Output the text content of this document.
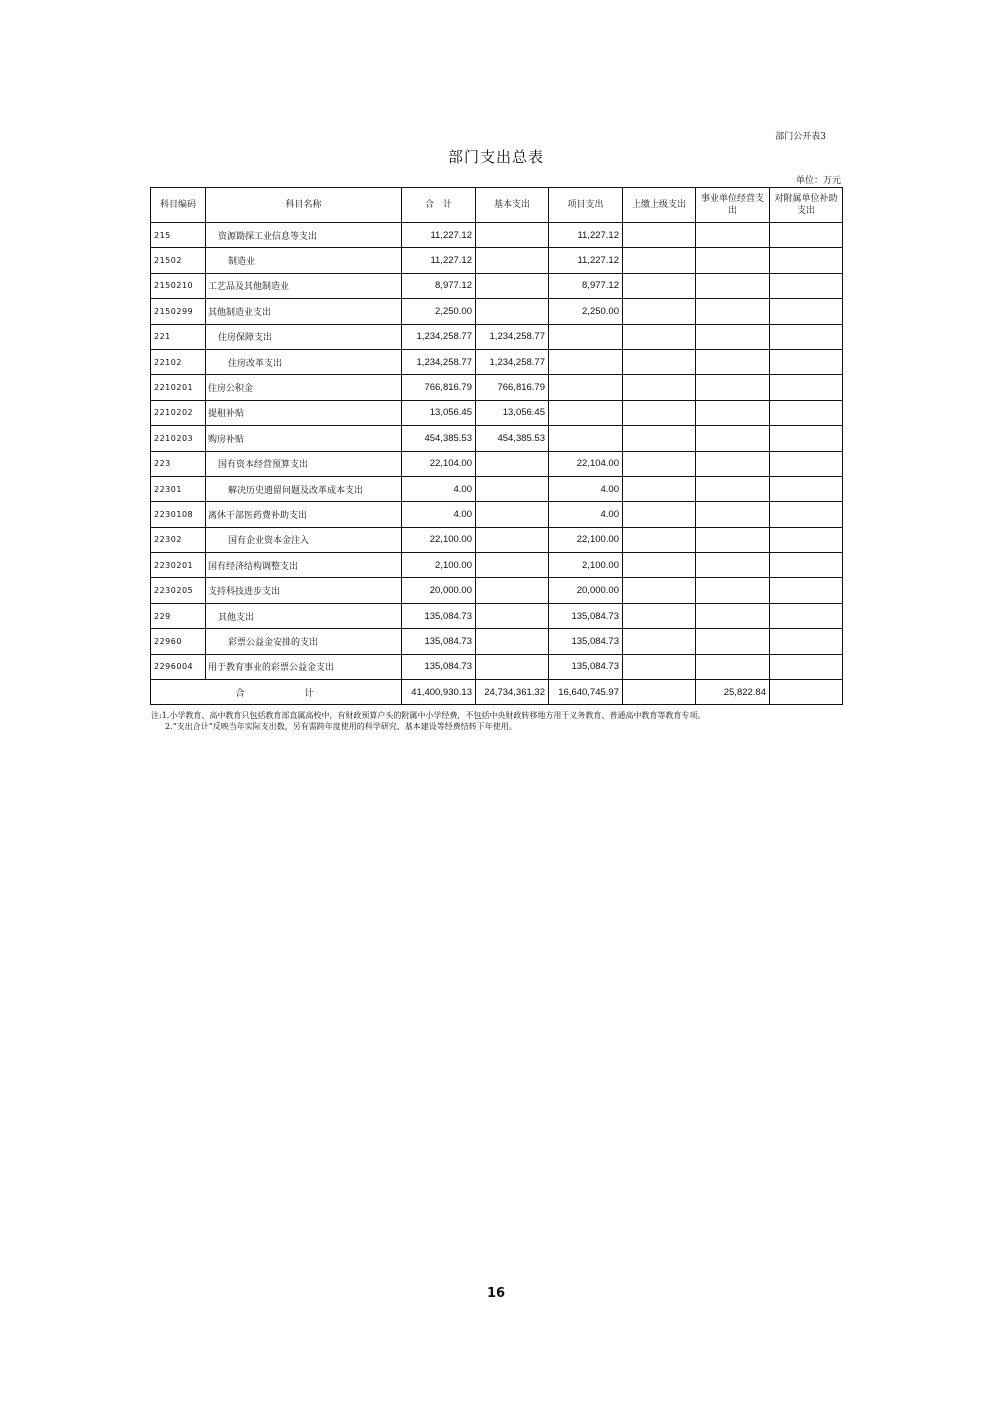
部门公开表3
部门支出总表
单位：万元
科目编码	科目名称	合　计	基本支出	项目支出	上缴上级支出	事业单位经营支出	对附属单位补助支出
215	资源勘探工业信息等支出	11,227.12		11,227.12			
21502	制造业	11,227.12		11,227.12			
2150210	工艺品及其他制造业	8,977.12		8,977.12			
2150299	其他制造业支出	2,250.00		2,250.00			
221	住房保障支出	1,234,258.77	1,234,258.77				
22102	住房改革支出	1,234,258.77	1,234,258.77				
2210201	住房公积金	766,816.79	766,816.79				
2210202	提租补贴	13,056.45	13,056.45				
2210203	购房补贴	454,385.53	454,385.53				
223	国有资本经营预算支出	22,104.00		22,104.00			
22301	解决历史遗留问题及改革成本支出	4.00		4.00			
2230108	离休干部医药费补助支出	4.00		4.00			
22302	国有企业资本金注入	22,100.00		22,100.00			
2230201	国有经济结构调整支出	2,100.00		2,100.00			
2230205	支持科技进步支出	20,000.00		20,000.00			
229	其他支出	135,084.73		135,084.73			
22960	彩票公益金安排的支出	135,084.73		135,084.73			
2296004	用于教育事业的彩票公益金支出	135,084.73		135,084.73			
合计		41,400,930.13	24,734,361.32	16,640,745.97		25,822.84	
注:1.小学教育、高中教育只包括教育部直属高校中，有财政预算户头的附属中小学经费，不包括中央财政转移地方用于义务教育、普通高中教育等教育专项。
2.“支出合计”反映当年实际支出数，另有需跨年度使用的科学研究、基本建设等经费结转下年使用。
16
